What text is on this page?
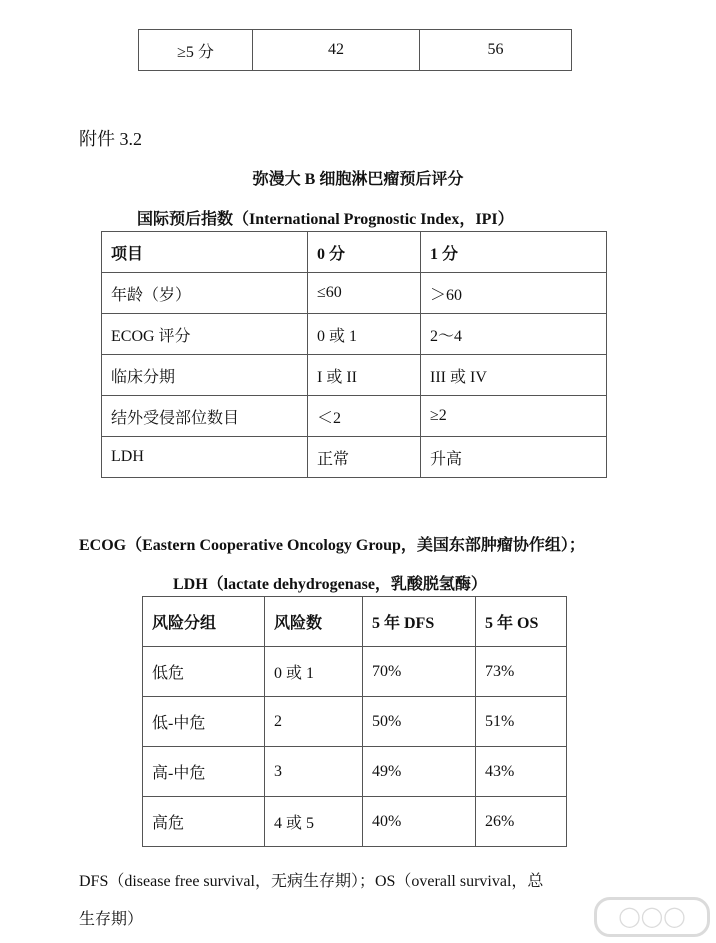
≥5 分	42	56
附件 3.2
弥漫大 B 细胞淋巴瘤预后评分
国际预后指数（International Prognostic Index，IPI）
项目	0 分	1 分
年龄（岁）	≤60	＞60
ECOG 评分	0 或 1	2～4
临床分期	I 或 II	III 或 IV
结外受侵部位数目	＜2	≥2
LDH	正常	升高
ECOG（Eastern Cooperative Oncology Group，美国东部肿瘤协作组）；
LDH（lactate dehydrogenase，乳酸脱氢酶）
风险分组	风险数	5 年 DFS	5 年 OS
低危	0 或 1	70%	73%
低-中危	2	50%	51%
高-中危	3	49%	43%
高危	4 或 5	40%	26%
DFS（disease free survival，无病生存期）；OS（overall survival，总
生存期）	◯◯◯
